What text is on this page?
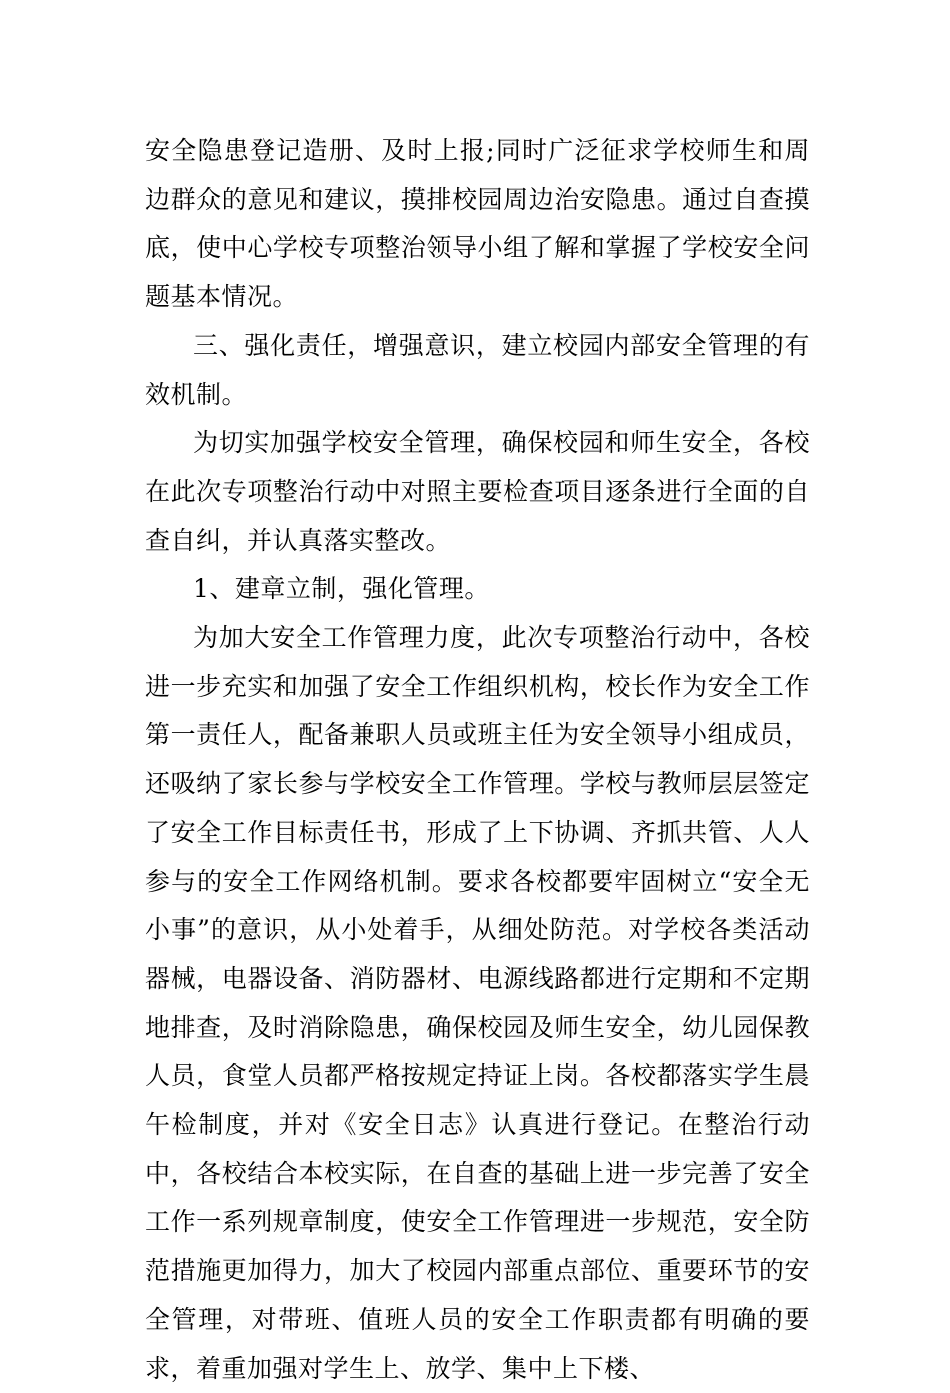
安全隐患登记造册、及时上报;同时广泛征求学校师生和周边群众的意见和建议，摸排校园周边治安隐患。通过自查摸底，使中心学校专项整治领导小组了解和掌握了学校安全问题基本情况。

三、强化责任，增强意识，建立校园内部安全管理的有效机制。

为切实加强学校安全管理，确保校园和师生安全，各校在此次专项整治行动中对照主要检查项目逐条进行全面的自查自纠，并认真落实整改。

1、建章立制，强化管理。

为加大安全工作管理力度，此次专项整治行动中，各校进一步充实和加强了安全工作组织机构，校长作为安全工作第一责任人，配备兼职人员或班主任为安全领导小组成员，还吸纳了家长参与学校安全工作管理。学校与教师层层签定了安全工作目标责任书，形成了上下协调、齐抓共管、人人参与的安全工作网络机制。要求各校都要牢固树立“安全无小事”的意识，从小处着手，从细处防范。对学校各类活动器械，电器设备、消防器材、电源线路都进行定期和不定期地排查，及时消除隐患，确保校园及师生安全，幼儿园保教人员，食堂人员都严格按规定持证上岗。各校都落实学生晨午检制度，并对《安全日志》认真进行登记。在整治行动中，各校结合本校实际，在自查的基础上进一步完善了安全工作一系列规章制度，使安全工作管理进一步规范，安全防范措施更加得力，加大了校园内部重点部位、重要环节的安全管理，对带班、值班人员的安全工作职责都有明确的要求，着重加强对学生上、放学、集中上下楼、
